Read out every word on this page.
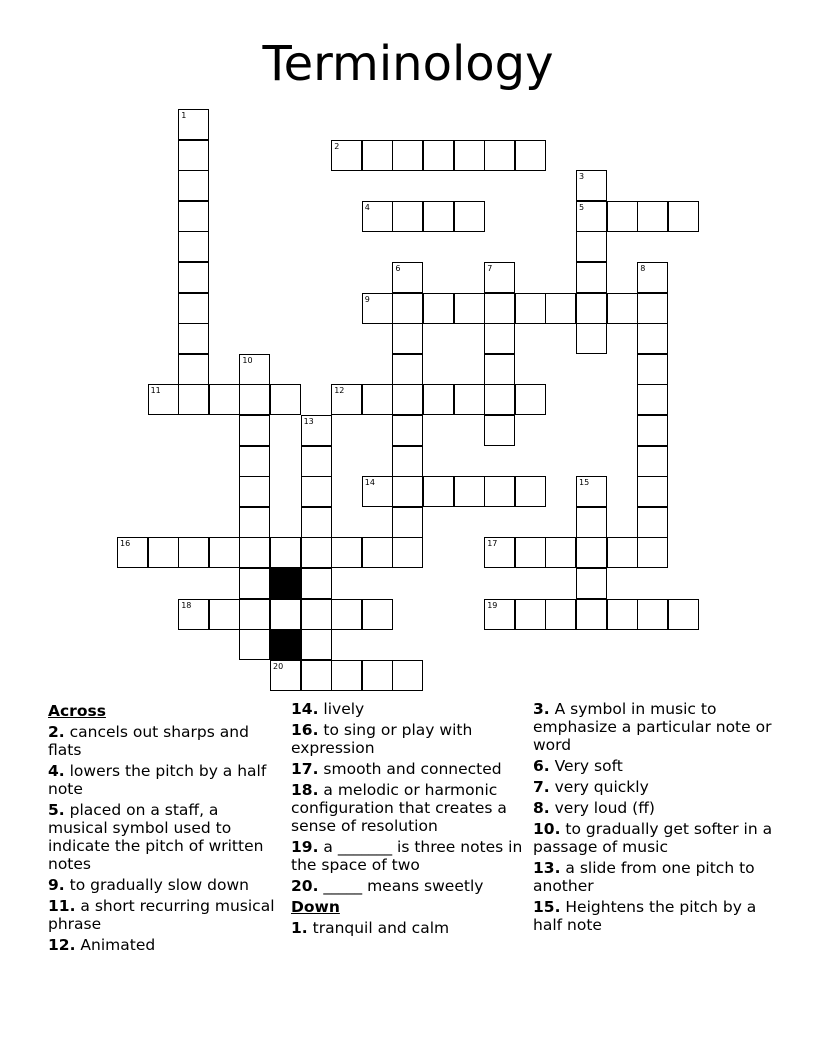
Terminology
1
2
3
5
4
6	7	8
9
10
11	12
13
14	15
16	17
18	19
20
Across
2. cancels out sharps and flats
4. lowers the pitch by a half note
5. placed on a staff, a musical symbol used to indicate the pitch of written notes
9. to gradually slow down
11. a short recurring musical phrase
12. Animated
14. lively
16. to sing or play with expression
17. smooth and connected
18. a melodic or harmonic configuration that creates a sense of resolution
19. a _______ is three notes in the space of two
20. _____ means sweetly
Down
1. tranquil and calm
3. A symbol in music to emphasize a particular note or word
6. Very soft
7. very quickly
8. very loud (ff)
10. to gradually get softer in a passage of music
13. a slide from one pitch to another
15. Heightens the pitch by a half note
